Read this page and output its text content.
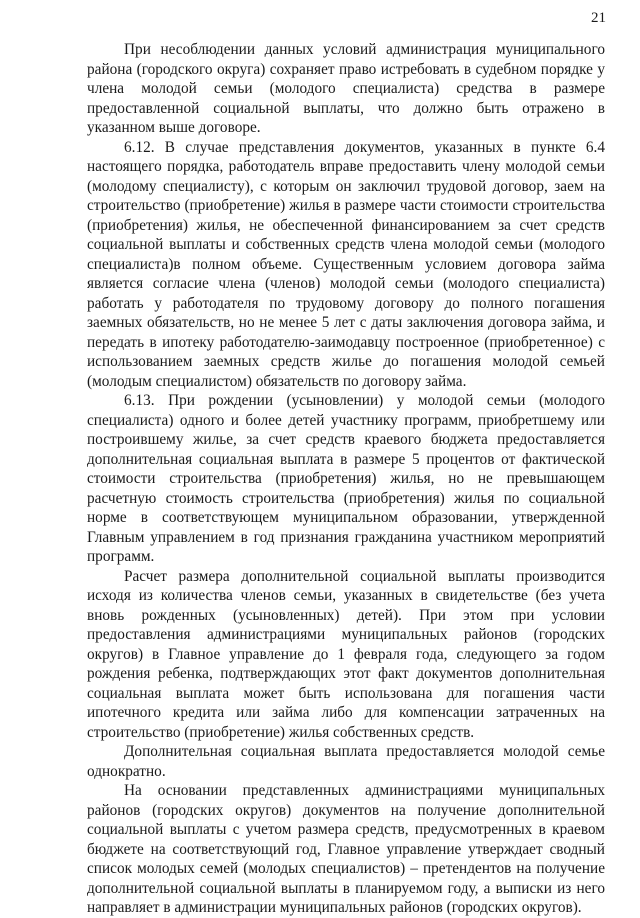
21

При несоблюдении данных условий администрация муниципального района (городского округа) сохраняет право истребовать в судебном порядке у члена молодой семьи (молодого специалиста) средства в размере предоставленной социальной выплаты, что должно быть отражено в указанном выше договоре.

6.12. В случае представления документов, указанных в пункте 6.4 настоящего порядка, работодатель вправе предоставить члену молодой семьи (молодому специалисту), с которым он заключил трудовой договор, заем на строительство (приобретение) жилья в размере части стоимости строительства (приобретения) жилья, не обеспеченной финансированием за счет средств социальной выплаты и собственных средств члена молодой семьи (молодого специалиста)в полном объеме. Существенным условием договора займа является согласие члена (членов) молодой семьи (молодого специалиста) работать у работодателя по трудовому договору до полного погашения заемных обязательств, но не менее 5 лет с даты заключения договора займа, и передать в ипотеку работодателю-заимодавцу построенное (приобретенное) с использованием заемных средств жилье до погашения молодой семьей (молодым специалистом) обязательств по договору займа.

6.13. При рождении (усыновлении) у молодой семьи (молодого специалиста) одного и более детей участнику программ, приобретшему или построившему жилье, за счет средств краевого бюджета предоставляется дополнительная социальная выплата в размере 5 процентов от фактической стоимости строительства (приобретения) жилья, но не превышающем расчетную стоимость строительства (приобретения) жилья по социальной норме в соответствующем муниципальном образовании, утвержденной Главным управлением в год признания гражданина участником мероприятий программ.

Расчет размера дополнительной социальной выплаты производится исходя из количества членов семьи, указанных в свидетельстве (без учета вновь рожденных (усыновленных) детей). При этом при условии предоставления администрациями муниципальных районов (городских округов) в Главное управление до 1 февраля года, следующего за годом рождения ребенка, подтверждающих этот факт документов дополнительная социальная выплата может быть использована для погашения части ипотечного кредита или займа либо для компенсации затраченных на строительство (приобретение) жилья собственных средств.

Дополнительная социальная выплата предоставляется молодой семье однократно.

На основании представленных администрациями муниципальных районов (городских округов) документов на получение дополнительной социальной выплаты с учетом размера средств, предусмотренных в краевом бюджете на соответствующий год, Главное управление утверждает сводный список молодых семей (молодых специалистов) – претендентов на получение дополнительной социальной выплаты в планируемом году, а выписки из него направляет в администрации муниципальных районов (городских округов).
